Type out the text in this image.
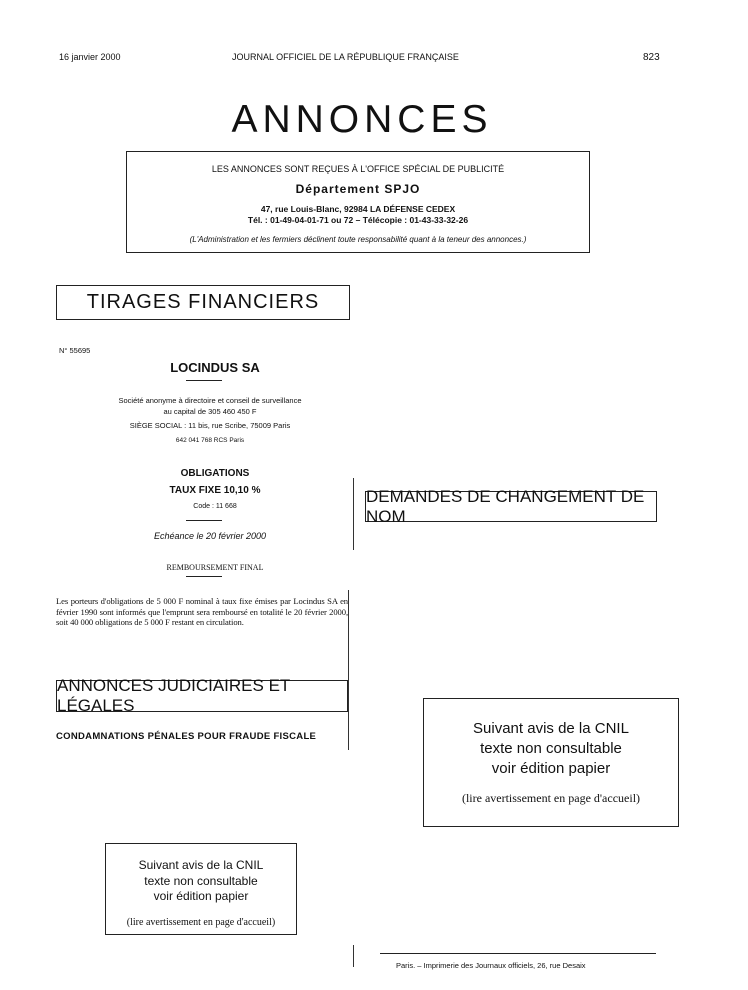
16 janvier 2000	JOURNAL OFFICIEL DE LA RÉPUBLIQUE FRANÇAISE	823
ANNONCES
LES ANNONCES SONT REÇUES À L'OFFICE SPÉCIAL DE PUBLICITÉ
Département SPJO
47, rue Louis-Blanc, 92984 LA DÉFENSE CEDEX
Tél. : 01-49-04-01-71 ou 72 – Télécopie : 01-43-33-32-26
(L'Administration et les fermiers déclinent toute responsabilité quant à la teneur des annonces.)
TIRAGES FINANCIERS
N° 55695
LOCINDUS SA
Société anonyme à directoire et conseil de surveillance
au capital de 305 460 450 F
SIÈGE SOCIAL : 11 bis, rue Scribe, 75009 Paris
642 041 768 RCS Paris
OBLIGATIONS
TAUX FIXE 10,10 %
Code : 11 668
Echéance le 20 février 2000
REMBOURSEMENT FINAL
Les porteurs d'obligations de 5 000 F nominal à taux fixe émises par Locindus SA en février 1990 sont informés que l'emprunt sera remboursé en totalité le 20 février 2000, soit 40 000 obligations de 5 000 F restant en circulation.
DEMANDES DE CHANGEMENT DE NOM
ANNONCES JUDICIAIRES ET LÉGALES
CONDAMNATIONS PÉNALES POUR FRAUDE FISCALE	Suivant avis de la CNIL
texte non consultable
voir édition papier
(lire avertissement en page d'accueil)
Suivant avis de la CNIL
texte non consultable
voir édition papier
(lire avertissement en page d'accueil)
Paris. – Imprimerie des Journaux officiels, 26, rue Desaix
